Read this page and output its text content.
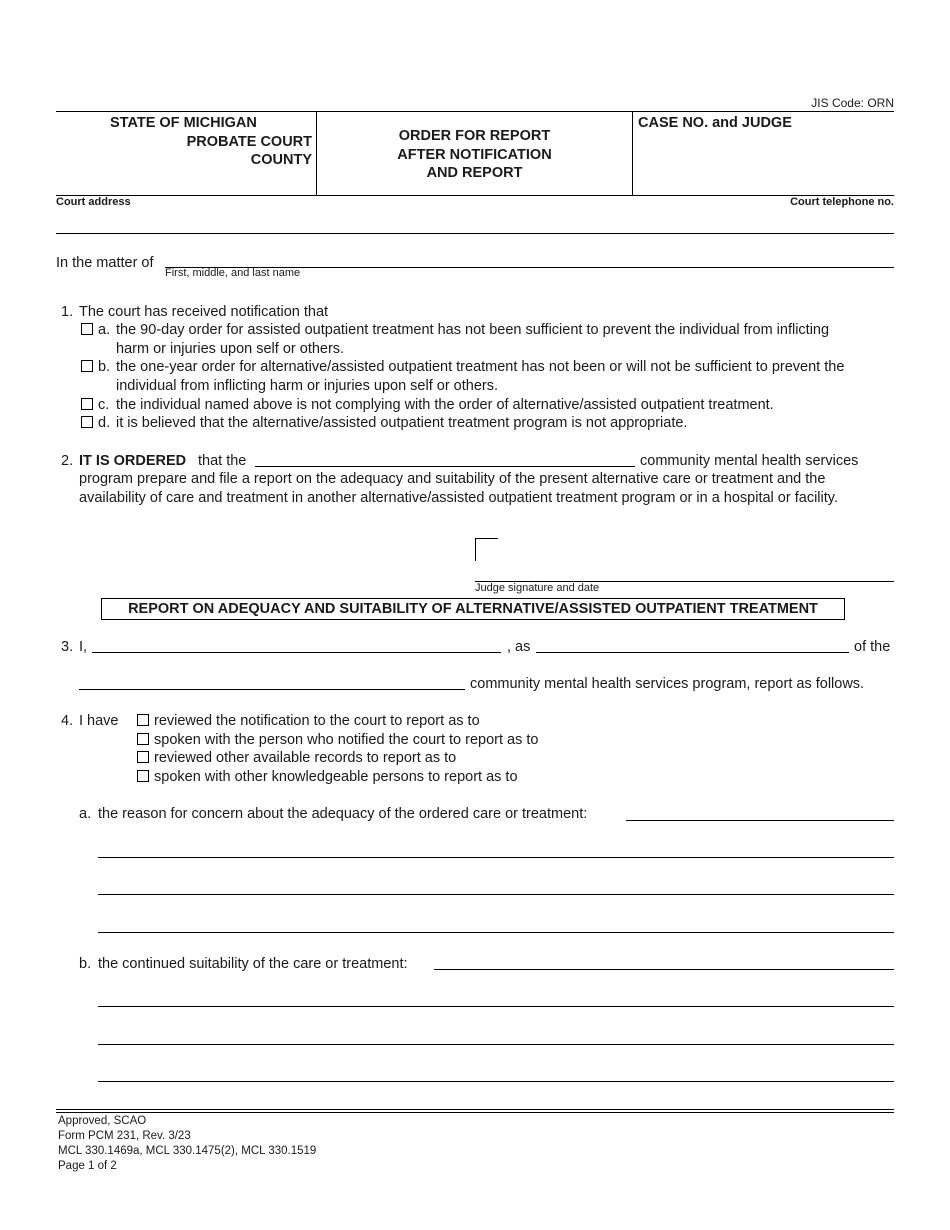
JIS Code: ORN
STATE OF MICHIGAN
PROBATE COURT
COUNTY
ORDER FOR REPORT
AFTER NOTIFICATION
AND REPORT
CASE NO. and JUDGE
Court address	Court telephone no.
In the matter of
First, middle, and last name
1. The court has received notification that
a. the 90-day order for assisted outpatient treatment has not been sufficient to prevent the individual from inflicting
harm or injuries upon self or others.
b. the one-year order for alternative/assisted outpatient treatment has not been or will not be sufficient to prevent the
individual from inflicting harm or injuries upon self or others.
c. the individual named above is not complying with the order of alternative/assisted outpatient treatment.
d. it is believed that the alternative/assisted outpatient treatment program is not appropriate.
2. IT IS ORDERED that the	community mental health services
program prepare and file a report on the adequacy and suitability of the present alternative care or treatment and the
availability of care and treatment in another alternative/assisted outpatient treatment program or in a hospital or facility.
Judge signature and date
REPORT ON ADEQUACY AND SUITABILITY OF ALTERNATIVE/ASSISTED OUTPATIENT TREATMENT
3. I,	, as	of the
community mental health services program, report as follows.
4. I have reviewed the notification to the court to report as to
spoken with the person who notified the court to report as to
reviewed other available records to report as to
spoken with other knowledgeable persons to report as to
a. the reason for concern about the adequacy of the ordered care or treatment:
b. the continued suitability of the care or treatment:
Approved, SCAO
Form PCM 231, Rev. 3/23
MCL 330.1469a, MCL 330.1475(2), MCL 330.1519
Page 1 of 2
